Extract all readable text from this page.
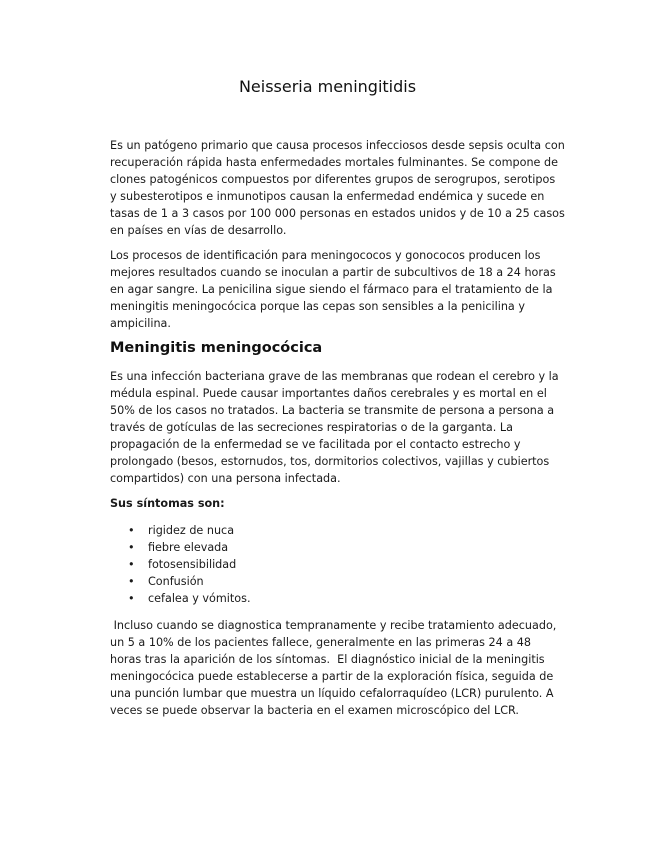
Neisseria meningitidis

Es un patógeno primario que causa procesos infecciosos desde sepsis oculta con recuperación rápida hasta enfermedades mortales fulminantes. Se compone de clones patogénicos compuestos por diferentes grupos de serogrupos, serotipos y subesterotipos e inmunotipos causan la enfermedad endémica y sucede en tasas de 1 a 3 casos por 100 000 personas en estados unidos y de 10 a 25 casos en países en vías de desarrollo.

Los procesos de identificación para meningococos y gonococos producen los mejores resultados cuando se inoculan a partir de subcultivos de 18 a 24 horas en agar sangre. La penicilina sigue siendo el fármaco para el tratamiento de la meningitis meningocócica porque las cepas son sensibles a la penicilina y ampicilina.

Meningitis meningocócica

Es una infección bacteriana grave de las membranas que rodean el cerebro y la médula espinal. Puede causar importantes daños cerebrales y es mortal en el 50% de los casos no tratados. La bacteria se transmite de persona a persona a través de gotículas de las secreciones respiratorias o de la garganta. La propagación de la enfermedad se ve facilitada por el contacto estrecho y prolongado (besos, estornudos, tos, dormitorios colectivos, vajillas y cubiertos compartidos) con una persona infectada.

Sus síntomas son:
• rigidez de nuca
• fiebre elevada
• fotosensibilidad
• Confusión
• cefalea y vómitos.

Incluso cuando se diagnostica tempranamente y recibe tratamiento adecuado, un 5 a 10% de los pacientes fallece, generalmente en las primeras 24 a 48 horas tras la aparición de los síntomas.  El diagnóstico inicial de la meningitis meningocócica puede establecerse a partir de la exploración física, seguida de una punción lumbar que muestra un líquido cefalorraquídeo (LCR) purulento. A veces se puede observar la bacteria en el examen microscópico del LCR.
